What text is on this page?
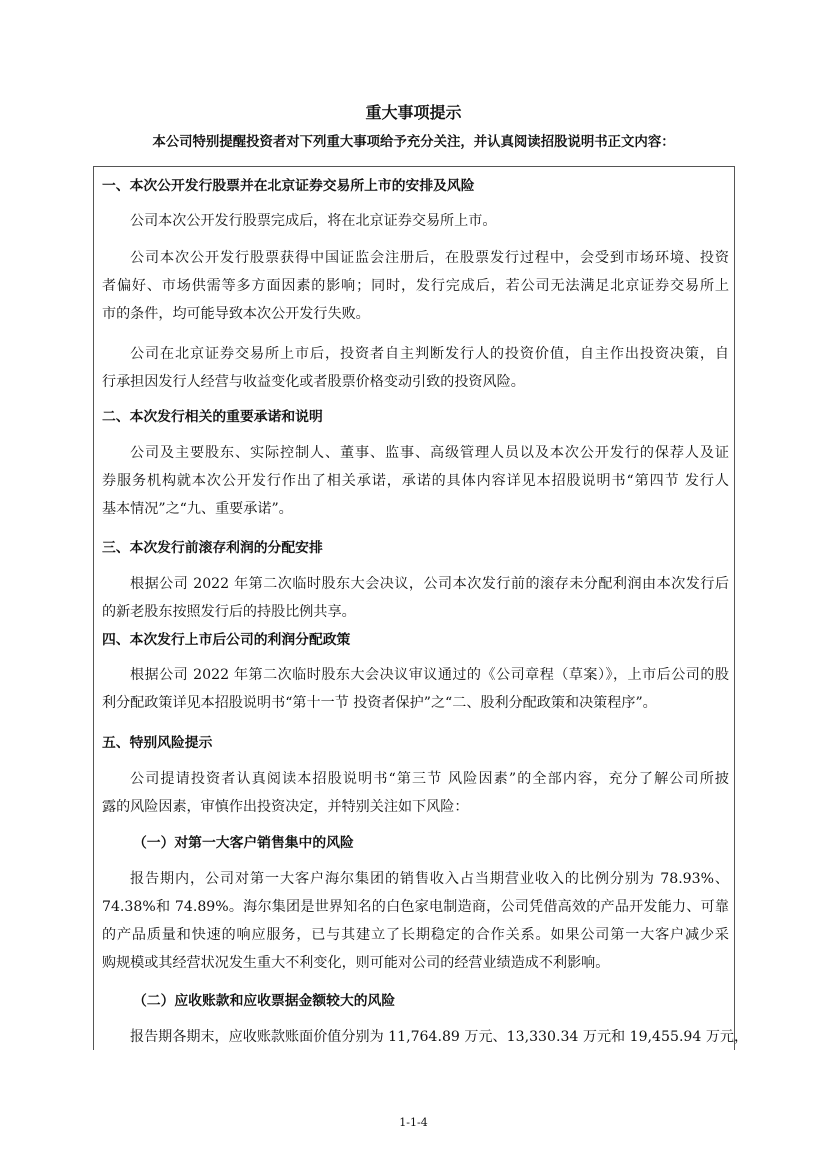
重大事项提示
本公司特别提醒投资者对下列重大事项给予充分关注，并认真阅读招股说明书正文内容：
一、本次公开发行股票并在北京证券交易所上市的安排及风险
公司本次公开发行股票完成后，将在北京证券交易所上市。
公司本次公开发行股票获得中国证监会注册后，在股票发行过程中，会受到市场环境、投资
者偏好、市场供需等多方面因素的影响；同时，发行完成后，若公司无法满足北京证券交易所上
市的条件，均可能导致本次公开发行失败。
公司在北京证券交易所上市后，投资者自主判断发行人的投资价值，自主作出投资决策，自
行承担因发行人经营与收益变化或者股票价格变动引致的投资风险。
二、本次发行相关的重要承诺和说明
公司及主要股东、实际控制人、董事、监事、高级管理人员以及本次公开发行的保荐人及证
券服务机构就本次公开发行作出了相关承诺，承诺的具体内容详见本招股说明书“第四节 发行人
基本情况”之“九、重要承诺”。
三、本次发行前滚存利润的分配安排
根据公司 2022 年第二次临时股东大会决议，公司本次发行前的滚存未分配利润由本次发行后
的新老股东按照发行后的持股比例共享。
四、本次发行上市后公司的利润分配政策
根据公司 2022 年第二次临时股东大会决议审议通过的《公司章程（草案）》，上市后公司的股
利分配政策详见本招股说明书“第十一节 投资者保护”之“二、股利分配政策和决策程序”。
五、特别风险提示
公司提请投资者认真阅读本招股说明书“第三节 风险因素”的全部内容，充分了解公司所披
露的风险因素，审慎作出投资决定，并特别关注如下风险：
（一）对第一大客户销售集中的风险
报告期内，公司对第一大客户海尔集团的销售收入占当期营业收入的比例分别为 78.93%、
74.38%和 74.89%。海尔集团是世界知名的白色家电制造商，公司凭借高效的产品开发能力、可靠
的产品质量和快速的响应服务，已与其建立了长期稳定的合作关系。如果公司第一大客户减少采
购规模或其经营状况发生重大不利变化，则可能对公司的经营业绩造成不利影响。
（二）应收账款和应收票据金额较大的风险
报告期各期末，应收账款账面价值分别为 11,764.89 万元、13,330.34 万元和 19,455.94 万元，
1-1-4
